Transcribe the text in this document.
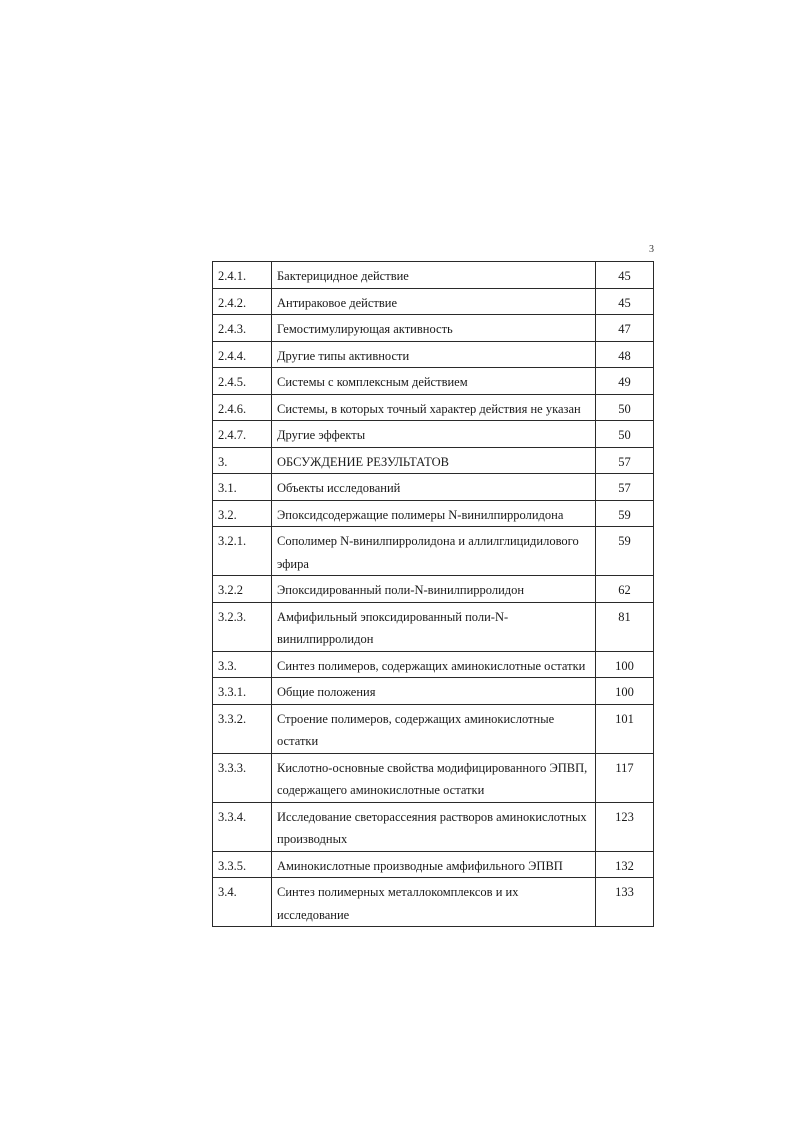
3
2.4.1.	Бактерицидное действие	45
2.4.2.	Антираковое действие	45
2.4.3.	Гемостимулирующая активность	47
2.4.4.	Другие типы активности	48
2.4.5.	Системы с комплексным действием	49
2.4.6.	Системы, в которых точный характер действия не указан	50
2.4.7.	Другие эффекты	50
3.	ОБСУЖДЕНИЕ РЕЗУЛЬТАТОВ	57
3.1.	Объекты исследований	57
3.2.	Эпоксидсодержащие полимеры N-винилпирролидона	59
3.2.1.	Сополимер N-винилпирролидона и аллилглицидилового эфира	59
3.2.2	Эпоксидированный поли-N-винилпирролидон	62
3.2.3.	Амфифильный эпоксидированный поли-N-винилпирролидон	81
3.3.	Синтез полимеров, содержащих аминокислотные остатки	100
3.3.1.	Общие положения	100
3.3.2.	Строение полимеров, содержащих аминокислотные остатки	101
3.3.3.	Кислотно-основные свойства модифицированного ЭПВП, содержащего аминокислотные остатки	117
3.3.4.	Исследование светорассеяния растворов аминокислотных производных	123
3.3.5.	Аминокислотные производные амфифильного ЭПВП	132
3.4.	Синтез полимерных металлокомплексов и их исследование	133
